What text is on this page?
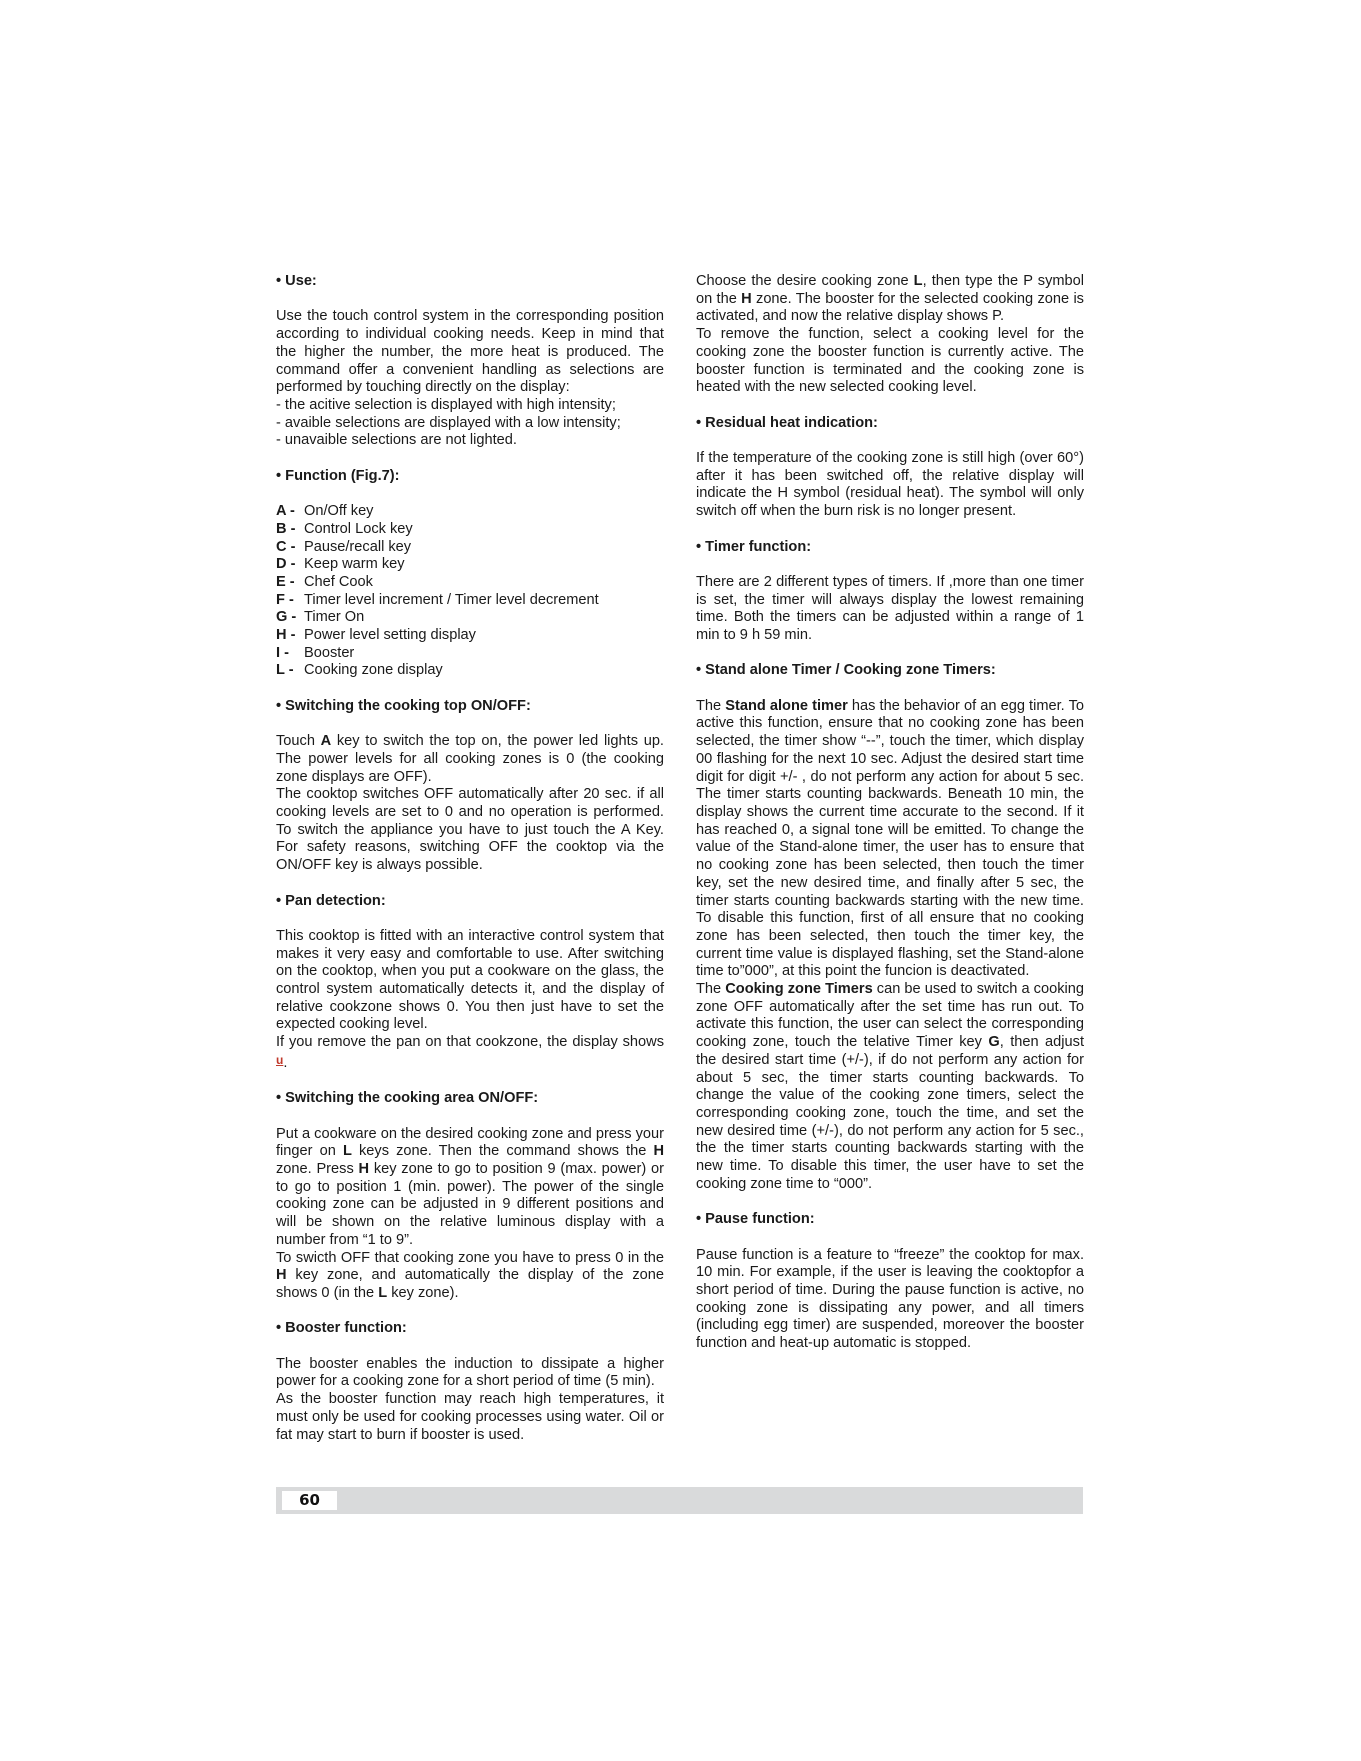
• Use:

Use the touch control system in the corresponding position according to individual cooking needs. Keep in mind that the higher the number, the more heat is produced. The command offer a convenient handling as selections are performed by touching directly on the display:

- the acitive selection is displayed with high intensity;

- avaible selections are displayed with a low intensity;

- unavaible selections are not lighted.

• Function (Fig.7):

A - On/Off key
B - Control Lock key
C - Pause/recall key
D - Keep warm key
E - Chef Cook
F - Timer level increment / Timer level decrement
G - Timer On
H - Power level setting display
I -	Booster
L - Cooking zone display

• Switching the cooking top ON/OFF:

Touch A key to switch the top on, the power led lights up. The power levels for all cooking zones is 0 (the cooking zone displays are OFF).

The cooktop switches OFF automatically after 20 sec. if all cooking levels are set to 0 and no operation is performed. To switch the appliance you have to just touch the A Key. For safety reasons, switching OFF the cooktop via the ON/OFF key is always possible.

• Pan detection:

This cooktop is fitted with an interactive control system that makes it very easy and comfortable to use. After switching on the cooktop, when you put a cookware on the glass, the control system automatically detects it, and the display of relative cookzone shows 0. You then just have to set the expected cooking level.

If you remove the pan on that cookzone, the display shows $^u$.

• Switching the cooking area ON/OFF:

Put a cookware on the desired cooking zone and press your finger on L keys zone. Then the command shows the H zone. Press H key zone to go to position 9 (max. power) or to go to position 1 (min. power). The power of the single cooking zone can be adjusted in 9 different positions and will be shown on the relative luminous display with a number from “1 to 9”.

To swicth OFF that cooking zone you have to press 0 in the H key zone, and automatically the display of the zone shows 0 (in the L key zone).

• Booster function:

The booster enables the induction to dissipate a higher power for a cooking zone for a short period of time (5 min).

As the booster function may reach high temperatures, it must only be used for cooking processes using water. Oil or fat may start to burn if booster is used.

Choose the desire cooking zone L, then type the P symbol on the H zone. The booster for the selected cooking zone is activated, and now the relative display shows P.

To remove the function, select a cooking level for the cooking zone the booster function is currently active. The booster function is terminated and the cooking zone is heated with the new selected cooking level.

• Residual heat indication:

If the temperature of the cooking zone is still high (over 60°) after it has been switched off, the relative display will indicate the H symbol (residual heat). The symbol will only switch off when the burn risk is no longer present.

• Timer function:

There are 2 different types of timers. If ,more than one timer is set, the timer will always display the lowest remaining time. Both the timers can be adjusted within a range of 1 min to 9 h 59 min.

• Stand alone Timer / Cooking zone Timers:

The Stand alone timer has the behavior of an egg timer. To active this function, ensure that no cooking zone has been selected, the timer show “--”, touch the timer, which display 00 flashing for the next 10 sec. Adjust the desired start time digit for digit +/- , do not perform any action for about 5 sec. The timer starts counting backwards. Beneath 10 min, the display shows the current time accurate to the second. If it has reached 0, a signal tone will be emitted. To change the value of the Stand-alone timer, the user has to ensure that no cooking zone has been selected, then touch the timer key, set the new desired time, and finally after 5 sec, the timer starts counting backwards starting with the new time. To disable this function, first of all ensure that no cooking zone has been selected, then touch the timer key, the current time value is displayed flashing, set the Stand-alone time to”000”, at this point the funcion is deactivated.

The Cooking zone Timers can be used to switch a cooking zone OFF automatically after the set time has run out. To activate this function, the user can select the corresponding cooking zone, touch the telative Timer key G, then adjust the desired start time (+/-), if do not perform any action for about 5 sec, the timer starts counting backwards. To change the value of the cooking zone timers, select the corresponding cooking zone, touch the time, and set the new desired time (+/-), do not perform any action for 5 sec., the the timer starts counting backwards starting with the new time. To disable this timer, the user have to set the cooking zone time to “000”.

• Pause function:

Pause function is a feature to “freeze” the cooktop for max. 10 min. For example, if the user is leaving the cooktopfor a short period of time. During the pause function is active, no cooking zone is dissipating any power, and all timers (including egg timer) are suspended, moreover the booster function and heat-up automatic is stopped.

60
